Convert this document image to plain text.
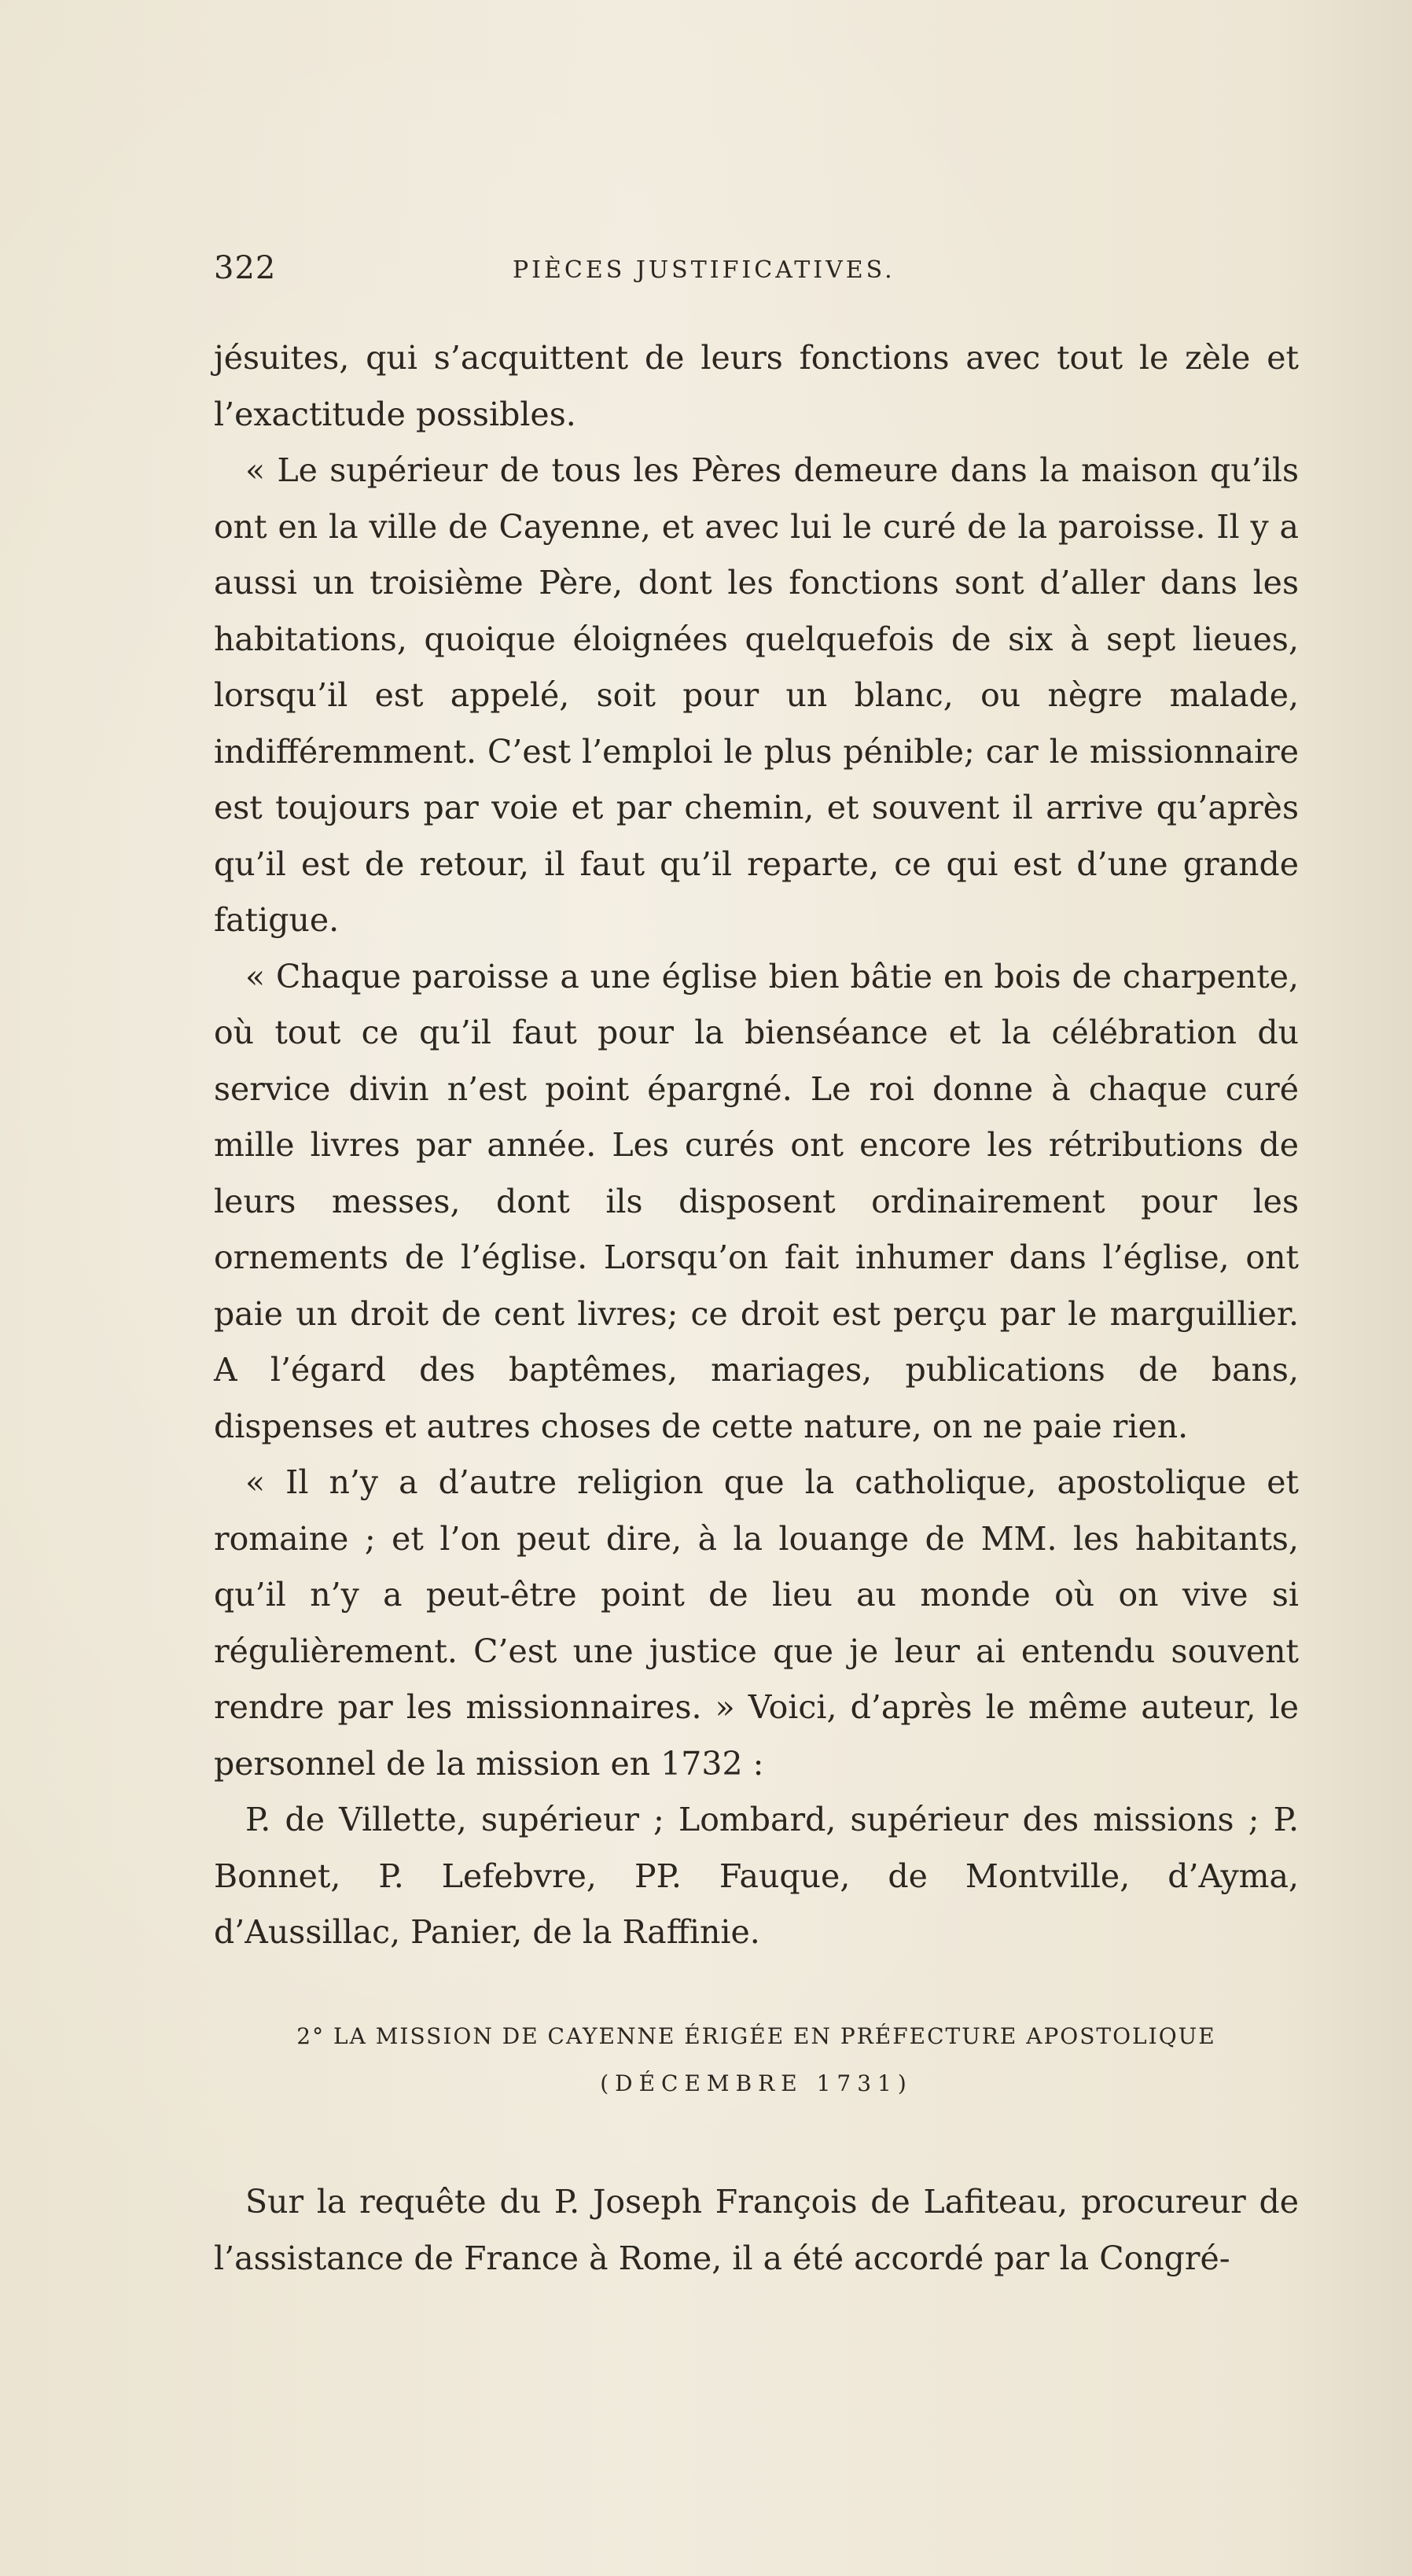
322	PIÈCES JUSTIFICATIVES.

jésuites, qui s’acquittent de leurs fonctions avec tout le zèle et l’exactitude possibles.

« Le supérieur de tous les Pères demeure dans la maison qu’ils ont en la ville de Cayenne, et avec lui le curé de la paroisse. Il y a aussi un troisième Père, dont les fonctions sont d’aller dans les habitations, quoique éloignées quelquefois de six à sept lieues, lorsqu’il est appelé, soit pour un blanc, ou nègre malade, indifféremment. C’est l’emploi le plus pénible; car le missionnaire est toujours par voie et par chemin, et souvent il arrive qu’après qu’il est de retour, il faut qu’il reparte, ce qui est d’une grande fatigue.

« Chaque paroisse a une église bien bâtie en bois de charpente, où tout ce qu’il faut pour la bienséance et la célébration du service divin n’est point épargné. Le roi donne à chaque curé mille livres par année. Les curés ont encore les rétributions de leurs messes, dont ils disposent ordinairement pour les ornements de l’église. Lorsqu’on fait inhumer dans l’église, ont paie un droit de cent livres; ce droit est perçu par le marguillier. A l’égard des baptêmes, mariages, publications de bans, dispenses et autres choses de cette nature, on ne paie rien.

« Il n’y a d’autre religion que la catholique, apostolique et romaine ; et l’on peut dire, à la louange de MM. les habitants, qu’il n’y a peut-être point de lieu au monde où on vive si régulièrement. C’est une justice que je leur ai entendu souvent rendre par les missionnaires. » Voici, d’après le même auteur, le personnel de la mission en 1732 :

P. de Villette, supérieur ; Lombard, supérieur des missions ; P. Bonnet, P. Lefebvre, PP. Fauque, de Montville, d’Ayma, d’Aussillac, Panier, de la Raffinie.

2° LA MISSION DE CAYENNE ÉRIGÉE EN PRÉFECTURE APOSTOLIQUE
(DÉCEMBRE 1731)

Sur la requête du P. Joseph François de Lafiteau, procureur de l’assistance de France à Rome, il a été accordé par la Congré-
